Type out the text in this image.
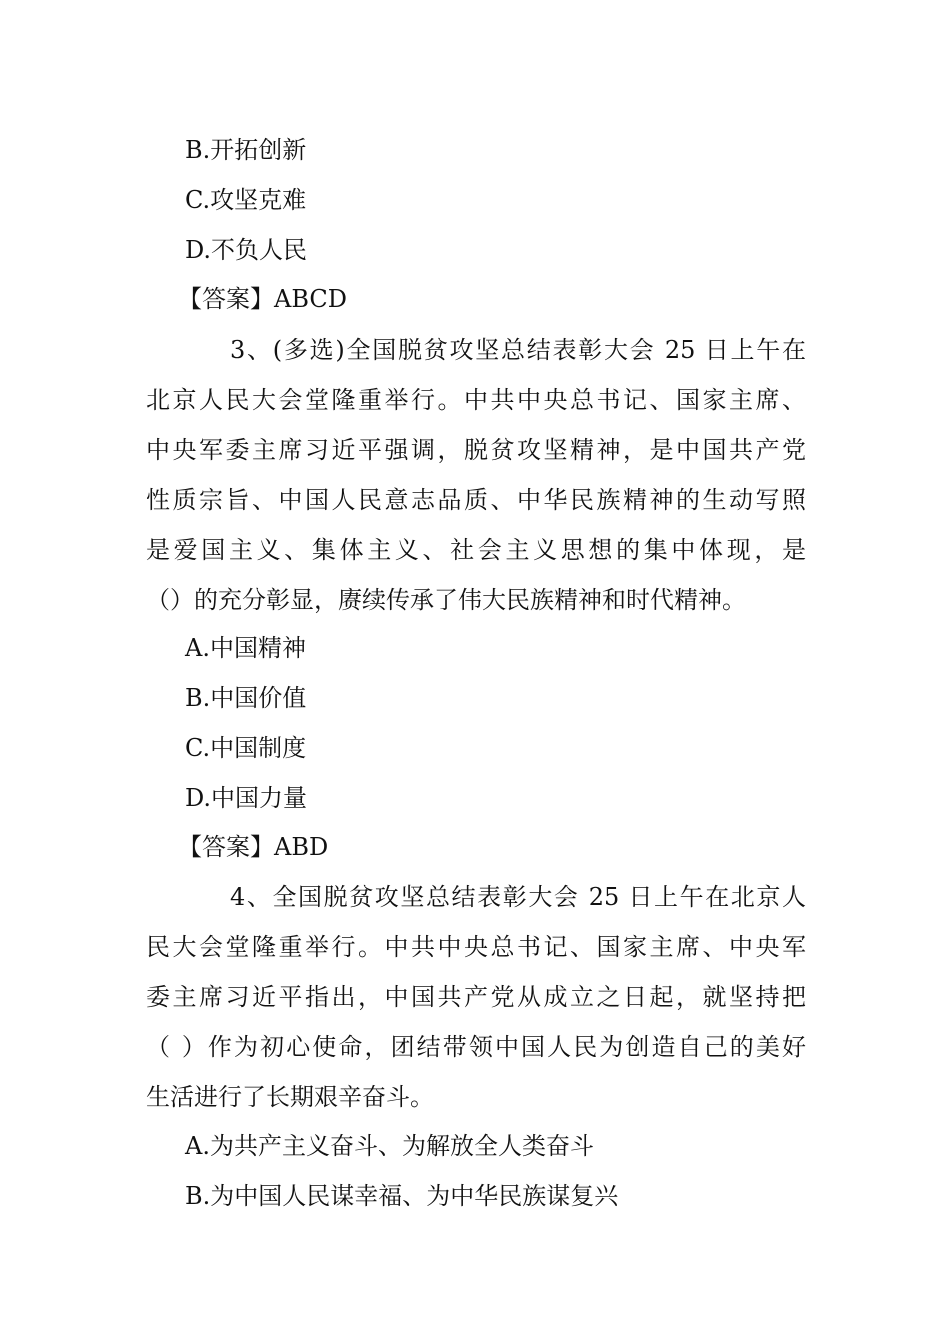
B.开拓创新
C.攻坚克难
D.不负人民
【答案】ABCD
3、(多选)全国脱贫攻坚总结表彰大会 25 日上午在
北京人民大会堂隆重举行。中共中央总书记、国家主席、
中央军委主席习近平强调，脱贫攻坚精神，是中国共产党
性质宗旨、中国人民意志品质、中华民族精神的生动写照
是爱国主义、集体主义、社会主义思想的集中体现，是
（）的充分彰显，赓续传承了伟大民族精神和时代精神。
A.中国精神
B.中国价值
C.中国制度
D.中国力量
【答案】ABD
4、全国脱贫攻坚总结表彰大会 25 日上午在北京人
民大会堂隆重举行。中共中央总书记、国家主席、中央军
委主席习近平指出，中国共产党从成立之日起，就坚持把
（ ）作为初心使命，团结带领中国人民为创造自己的美好
生活进行了长期艰辛奋斗。
A.为共产主义奋斗、为解放全人类奋斗
B.为中国人民谋幸福、为中华民族谋复兴
